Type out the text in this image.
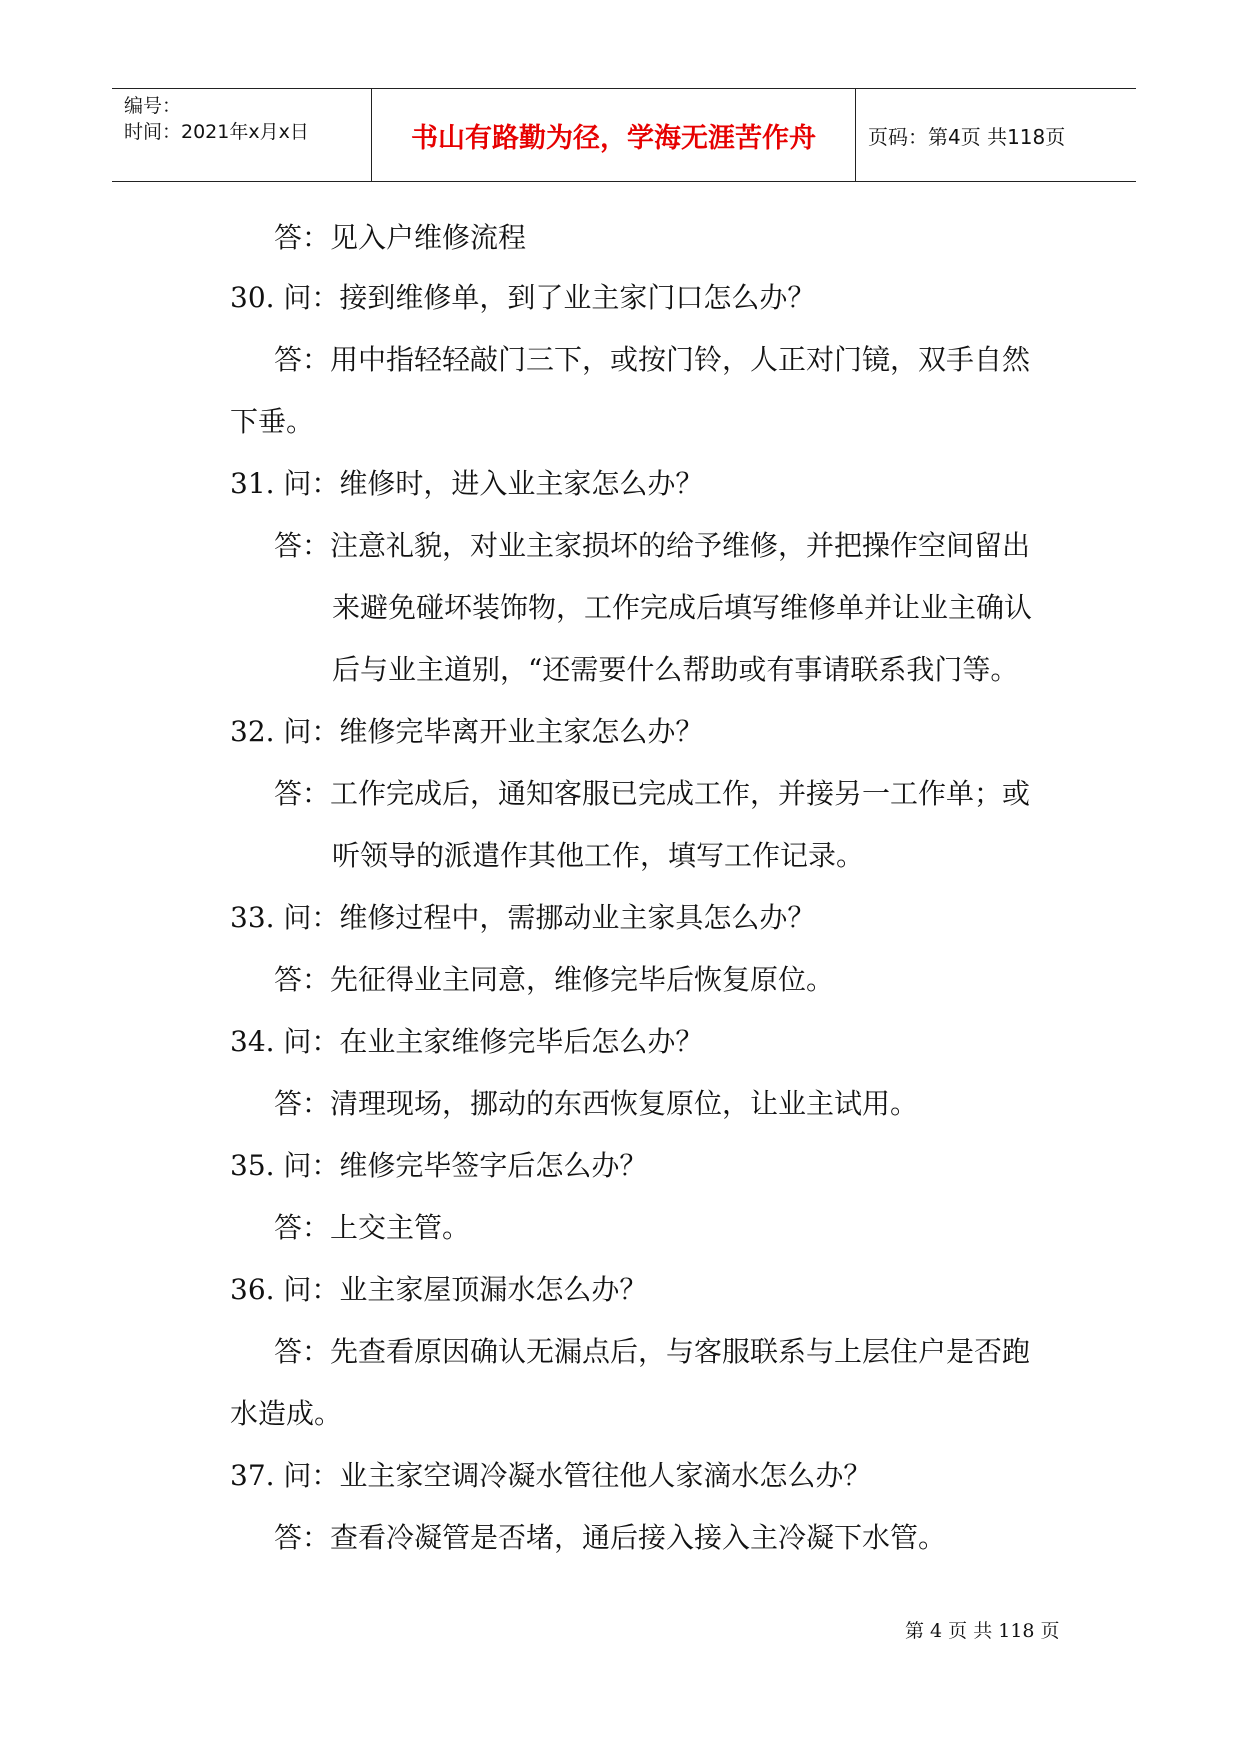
编号：
时间：2021年x月x日	书山有路勤为径，学海无涯苦作舟	页码：第4页 共118页
答：见入户维修流程
30. 问：接到维修单，到了业主家门口怎么办？
答：用中指轻轻敲门三下，或按门铃，人正对门镜，双手自然
下垂。
31. 问：维修时，进入业主家怎么办？
答：注意礼貌，对业主家损坏的给予维修，并把操作空间留出
来避免碰坏装饰物，工作完成后填写维修单并让业主确认
后与业主道别，“还需要什么帮助或有事请联系我门等。
32. 问：维修完毕离开业主家怎么办？
答：工作完成后，通知客服已完成工作，并接另一工作单；或
听领导的派遣作其他工作，填写工作记录。
33. 问：维修过程中，需挪动业主家具怎么办？
答：先征得业主同意，维修完毕后恢复原位。
34. 问：在业主家维修完毕后怎么办？
答：清理现场，挪动的东西恢复原位，让业主试用。
35. 问：维修完毕签字后怎么办？
答：上交主管。
36. 问：业主家屋顶漏水怎么办？
答：先查看原因确认无漏点后，与客服联系与上层住户是否跑
水造成。
37. 问：业主家空调冷凝水管往他人家滴水怎么办？
答：查看冷凝管是否堵，通后接入接入主冷凝下水管。
第 4 页 共 118 页
